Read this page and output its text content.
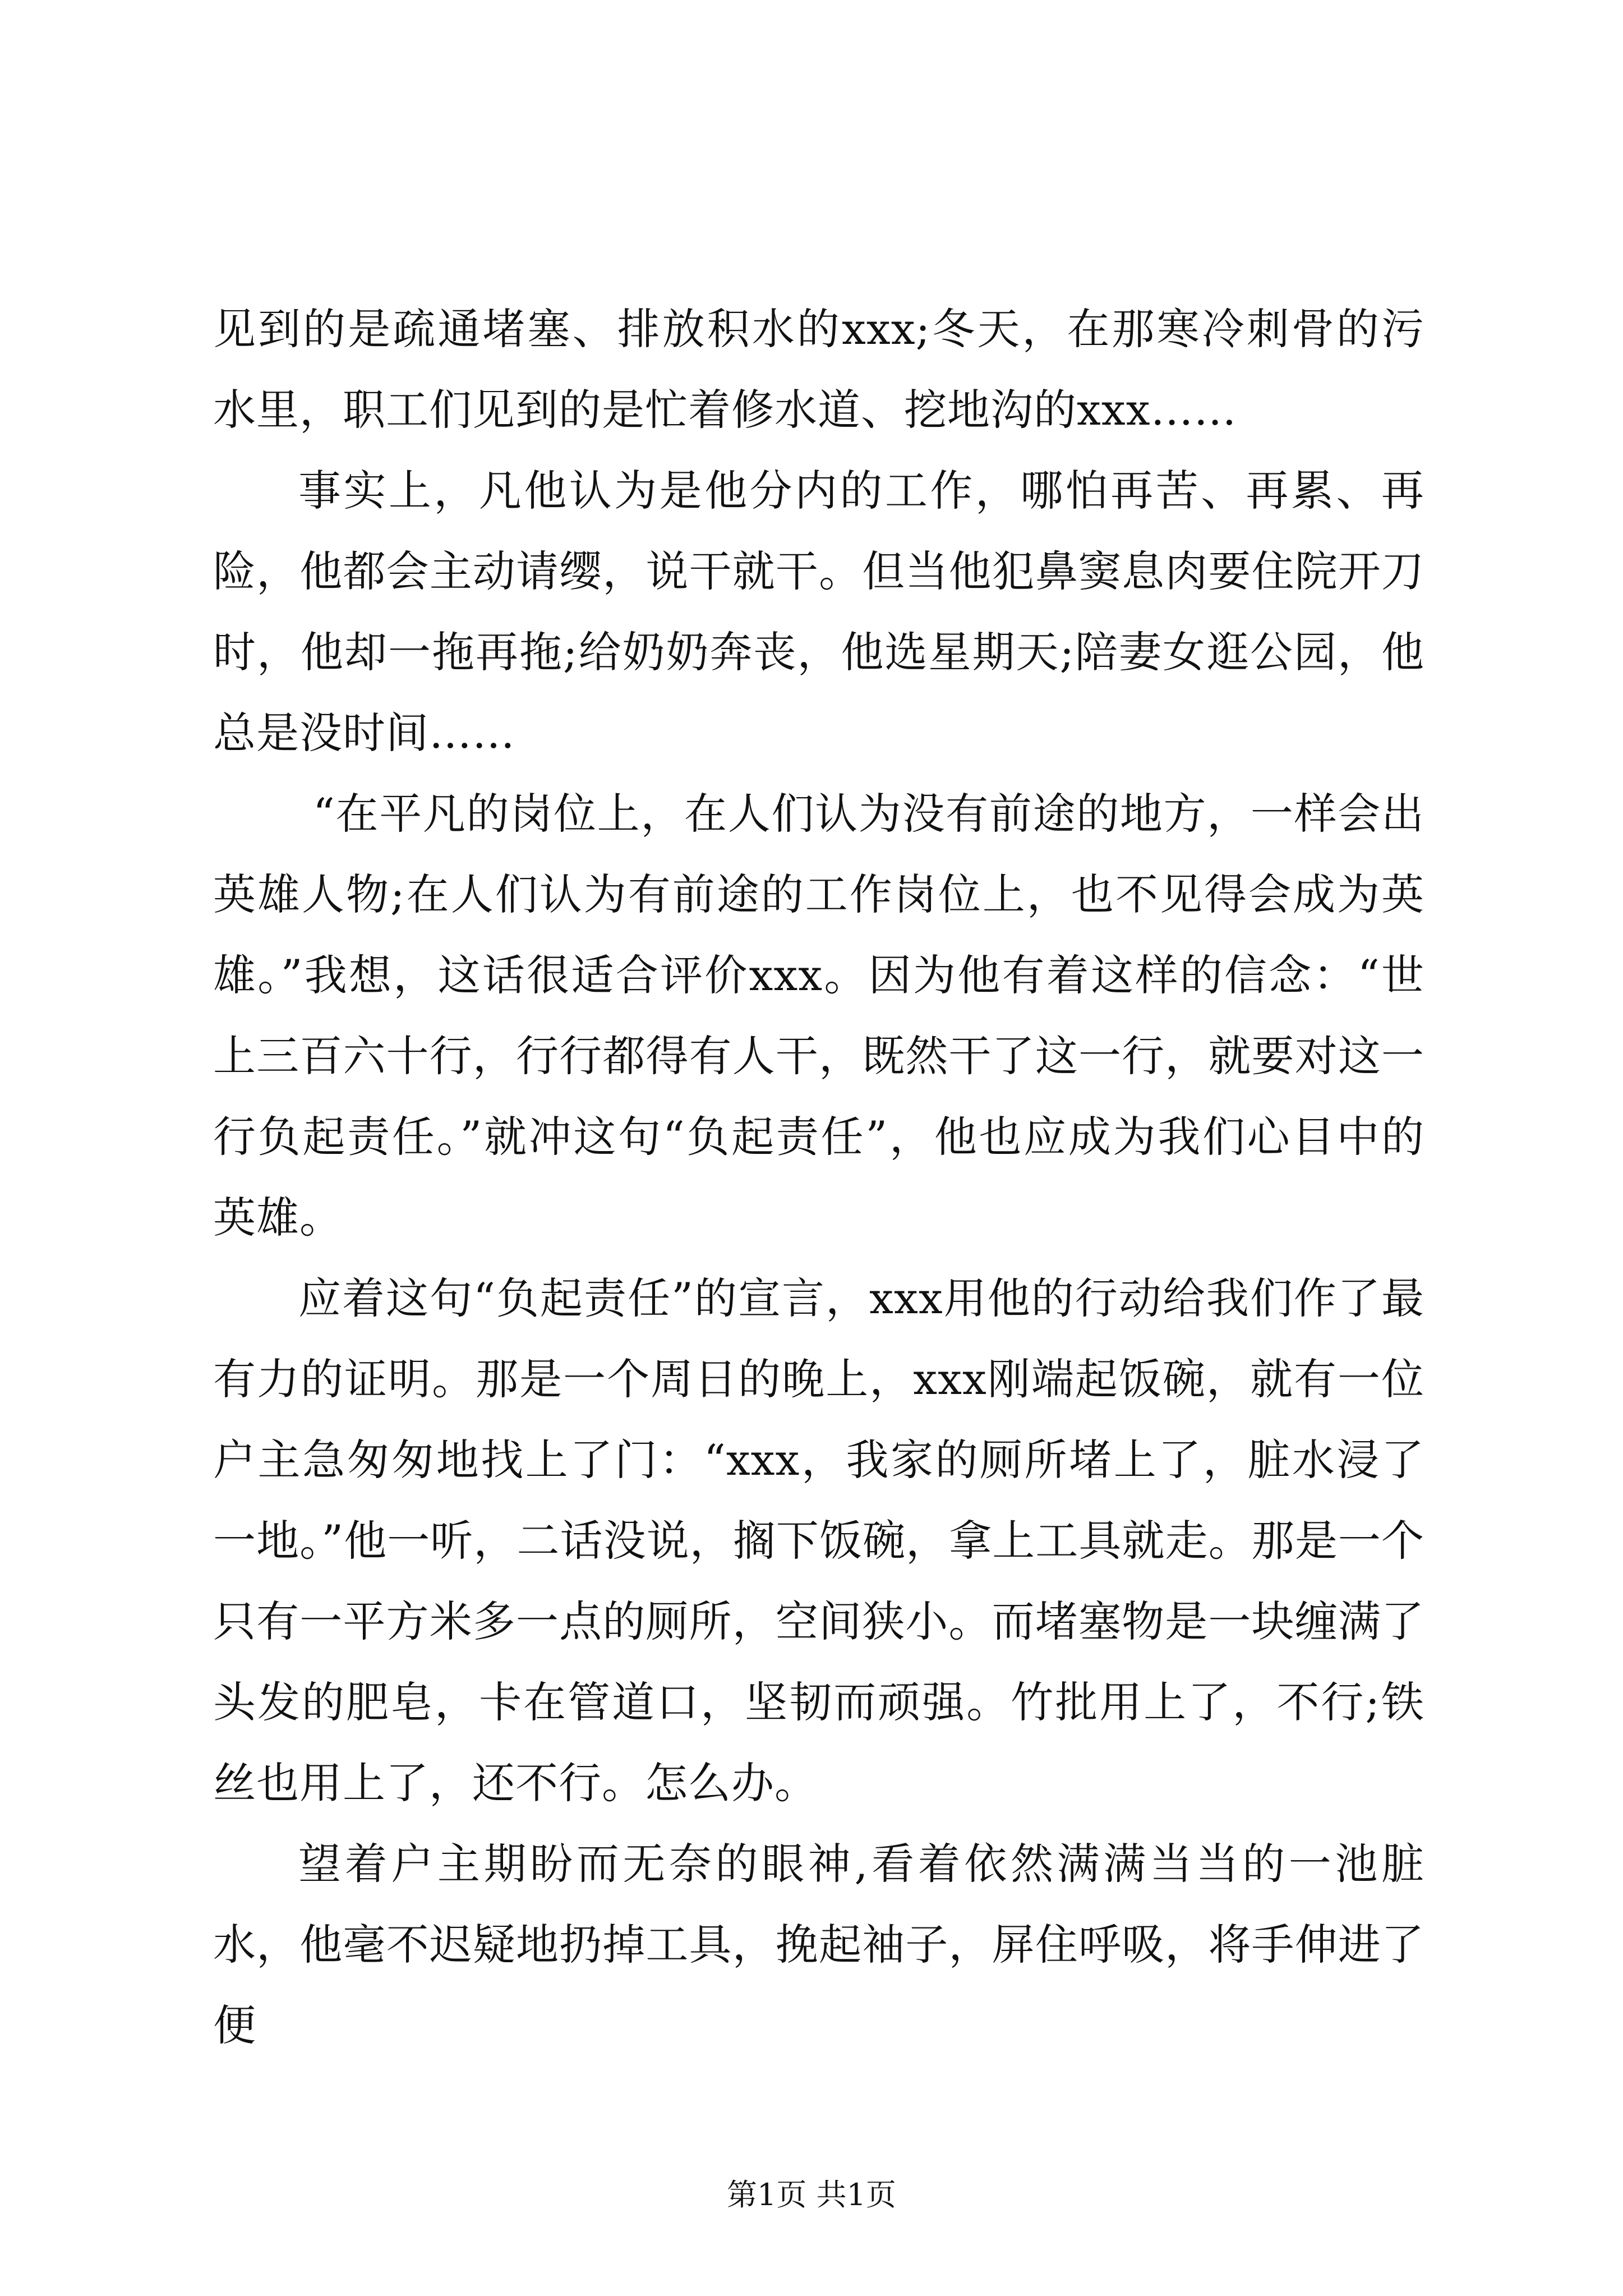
见到的是疏通堵塞、排放积水的xxx;冬天，在那寒冷刺骨的污水里，职工们见到的是忙着修水道、挖地沟的xxx……

事实上，凡他认为是他分内的工作，哪怕再苦、再累、再险，他都会主动请缨，说干就干。但当他犯鼻窦息肉要住院开刀时，他却一拖再拖;给奶奶奔丧，他选星期天;陪妻女逛公园，他总是没时间……

“在平凡的岗位上，在人们认为没有前途的地方，一样会出英雄人物;在人们认为有前途的工作岗位上，也不见得会成为英雄。”我想，这话很适合评价xxx。因为他有着这样的信念：“世上三百六十行，行行都得有人干，既然干了这一行，就要对这一行负起责任。”就冲这句“负起责任”，他也应成为我们心目中的英雄。

应着这句“负起责任”的宣言，xxx用他的行动给我们作了最有力的证明。那是一个周日的晚上，xxx刚端起饭碗，就有一位户主急匆匆地找上了门：“xxx，我家的厕所堵上了，脏水浸了一地。”他一听，二话没说，搁下饭碗，拿上工具就走。那是一个只有一平方米多一点的厕所，空间狭小。而堵塞物是一块缠满了头发的肥皂，卡在管道口，坚韧而顽强。竹批用上了，不行;铁丝也用上了，还不行。怎么办。

望着户主期盼而无奈的眼神,看着依然满满当当的一池脏水，他毫不迟疑地扔掉工具，挽起袖子，屏住呼吸，将手伸进了便

第1页 共1页
